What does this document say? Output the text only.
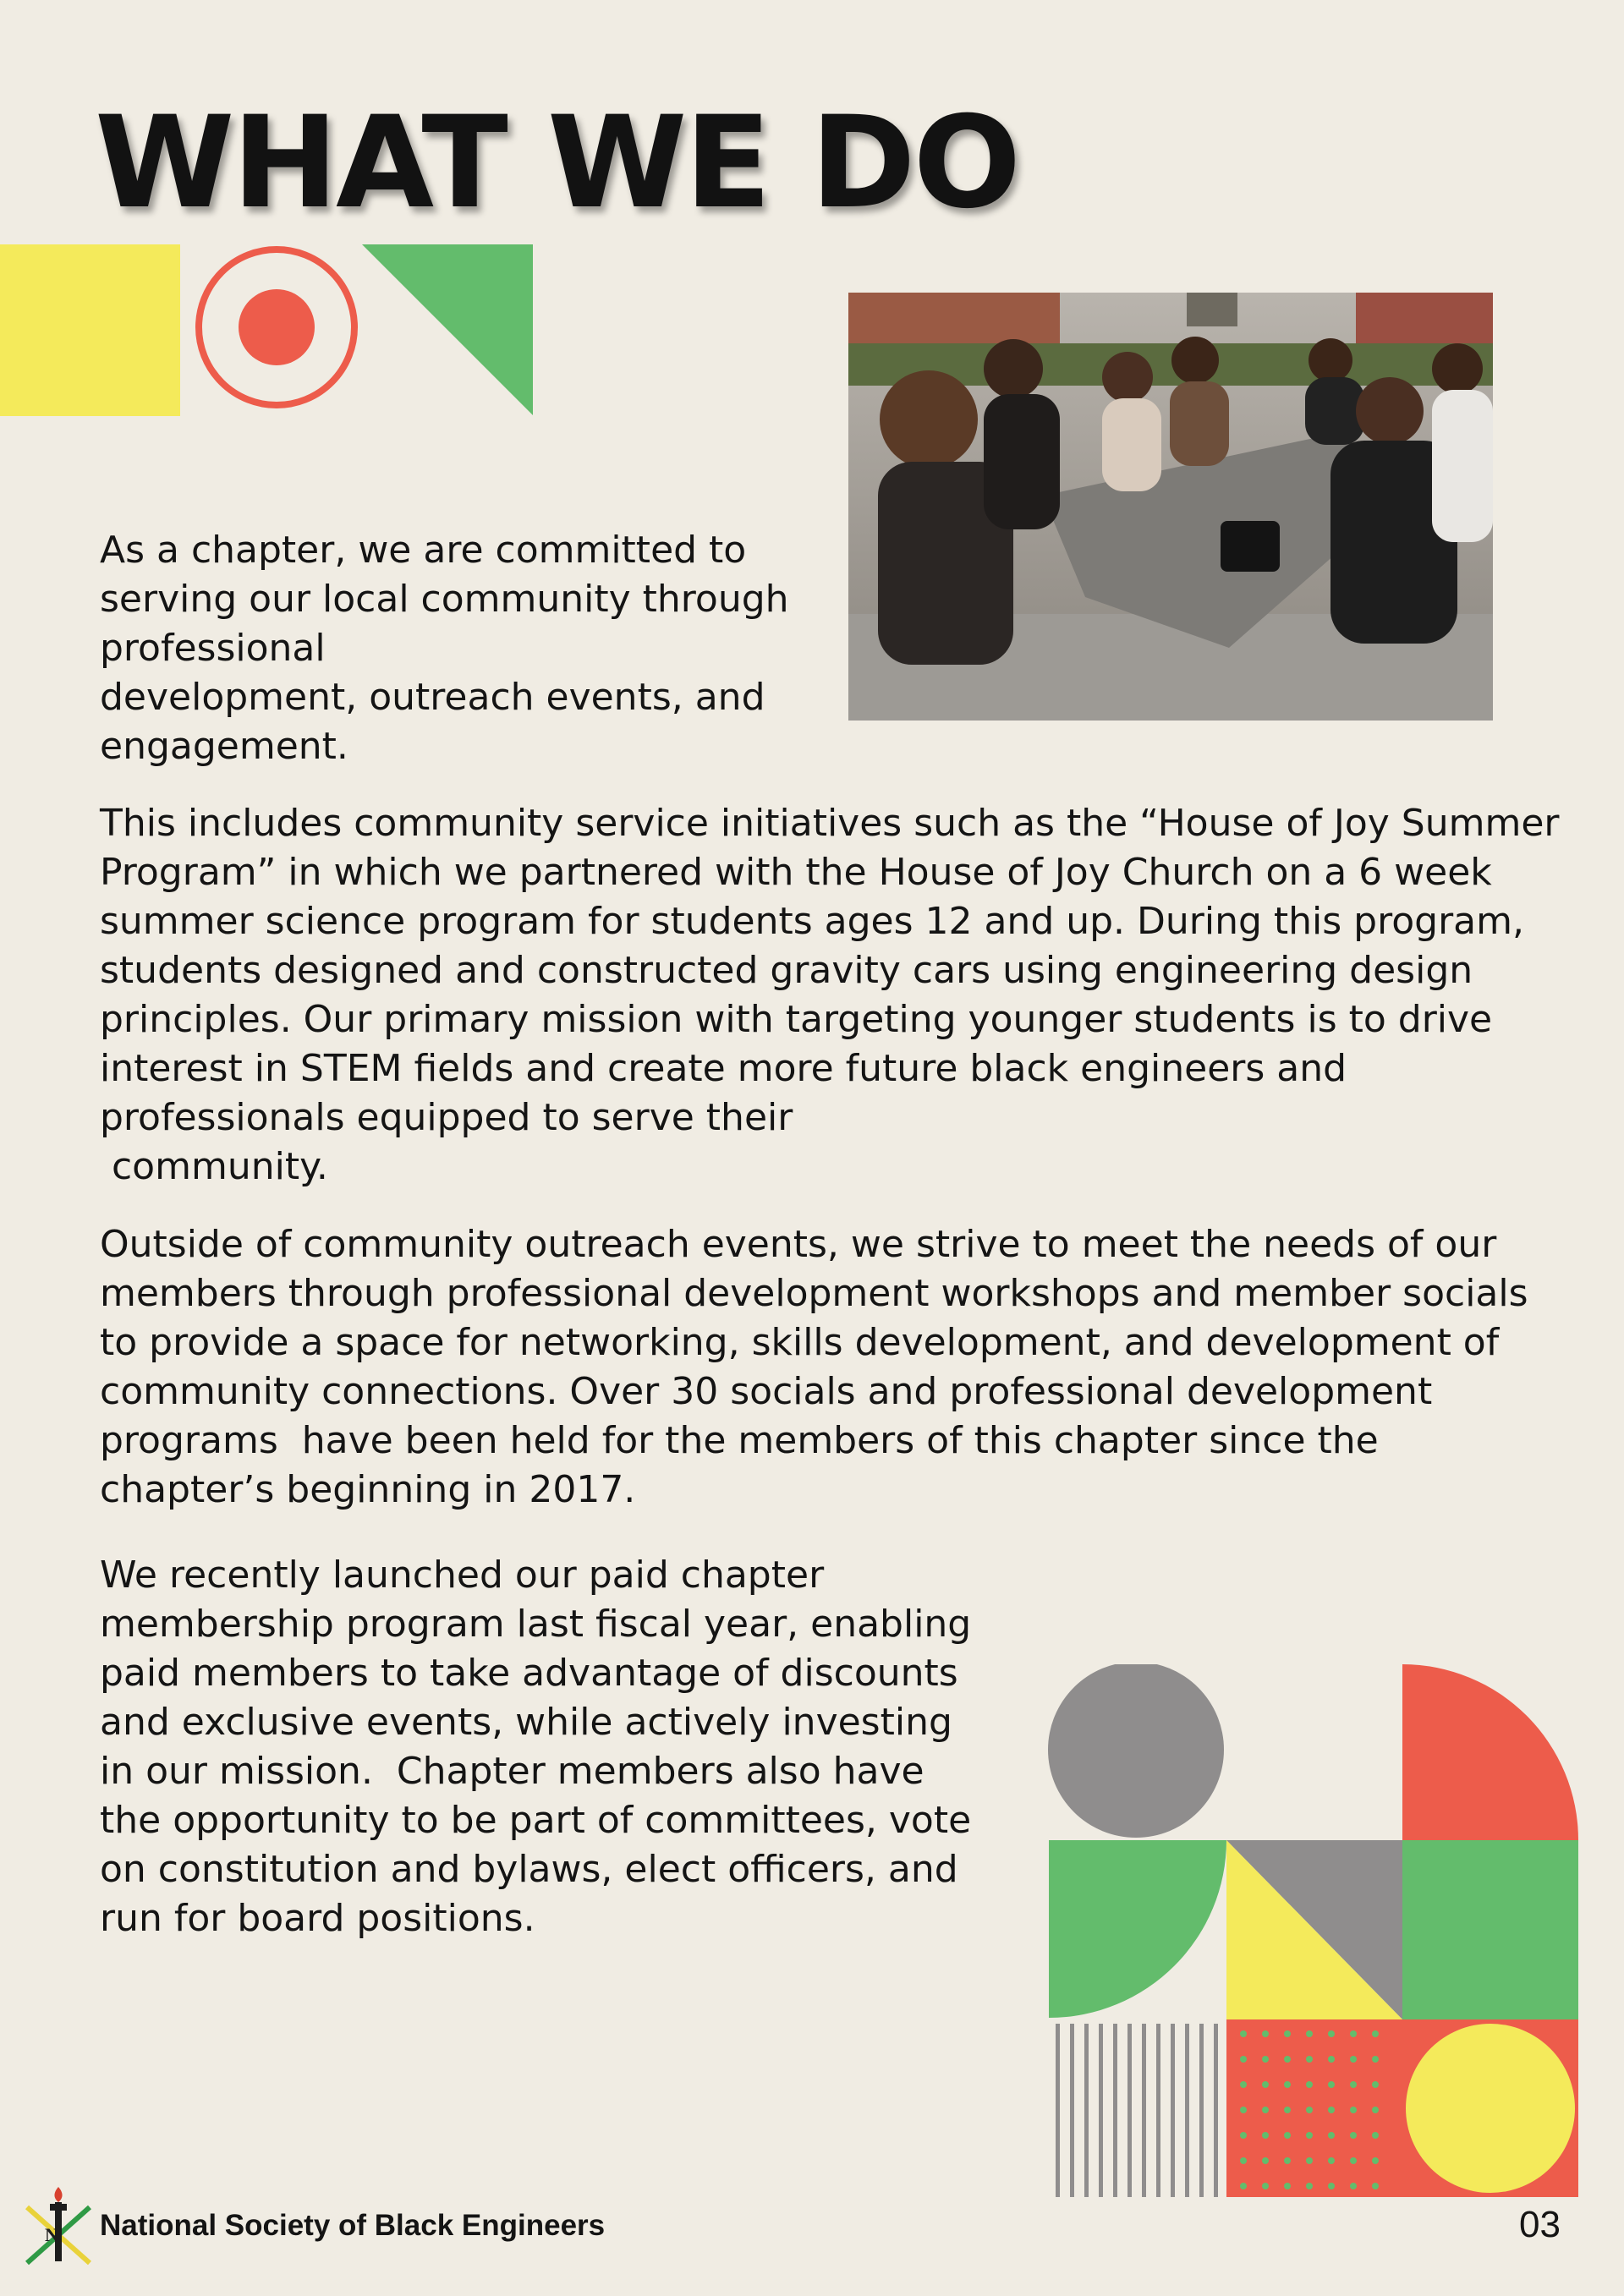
WHAT WE DO
As a chapter, we are committed to
serving our local community through
professional
development, outreach events, and
engagement.
This includes community service initiatives such as the “House of Joy Summer
Program” in which we partnered with the House of Joy Church on a 6 week
summer science program for students ages 12 and up. During this program,
students designed and constructed gravity cars using engineering design
principles. Our primary mission with targeting younger students is to drive
interest in STEM fields and create more future black engineers and
professionals equipped to serve their
community.
Outside of community outreach events, we strive to meet the needs of our
members through professional development workshops and member socials
to provide a space for networking, skills development, and development of
community connections. Over 30 socials and professional development
programs  have been held for the members of this chapter since the
chapter’s beginning in 2017.
We recently launched our paid chapter
membership program last fiscal year, enabling
paid members to take advantage of discounts
and exclusive events, while actively investing
in our mission.  Chapter members also have
the opportunity to be part of committees, vote
on constitution and bylaws, elect officers, and
run for board positions.
N National Society of Black Engineers	03
